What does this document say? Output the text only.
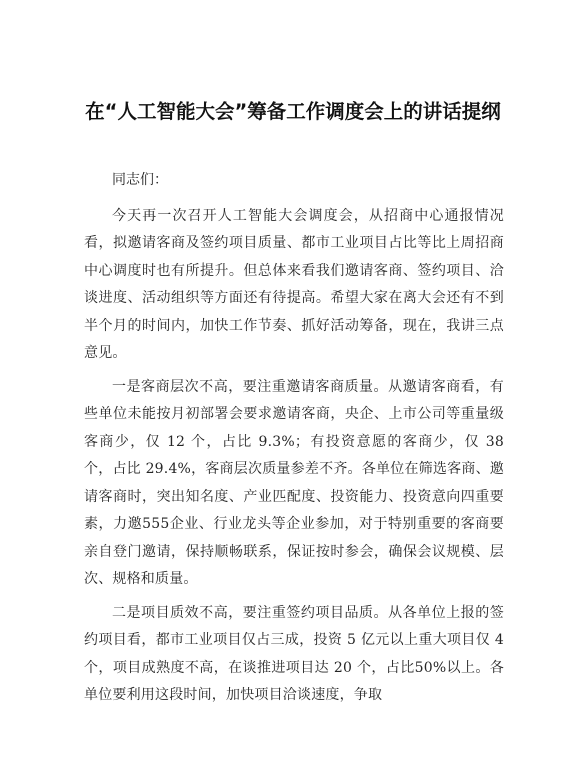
在“人工智能大会”筹备工作调度会上的讲话提纲

同志们：

今天再一次召开人工智能大会调度会，从招商中心通报情况看，拟邀请客商及签约项目质量、都市工业项目占比等比上周招商中心调度时也有所提升。但总体来看我们邀请客商、签约项目、洽谈进度、活动组织等方面还有待提高。希望大家在离大会还有不到半个月的时间内，加快工作节奏、抓好活动筹备，现在，我讲三点意见。

一是客商层次不高，要注重邀请客商质量。从邀请客商看，有些单位未能按月初部署会要求邀请客商，央企、上市公司等重量级客商少，仅 12 个，占比 9.3%；有投资意愿的客商少，仅 38 个，占比 29.4%，客商层次质量参差不齐。各单位在筛选客商、邀请客商时，突出知名度、产业匹配度、投资能力、投资意向四重要素，力邀555企业、行业龙头等企业参加，对于特别重要的客商要亲自登门邀请，保持顺畅联系，保证按时参会，确保会议规模、层次、规格和质量。

二是项目质效不高，要注重签约项目品质。从各单位上报的签约项目看，都市工业项目仅占三成，投资 5 亿元以上重大项目仅 4 个，项目成熟度不高，在谈推进项目达 20 个，占比50%以上。各单位要利用这段时间，加快项目洽谈速度，争取
